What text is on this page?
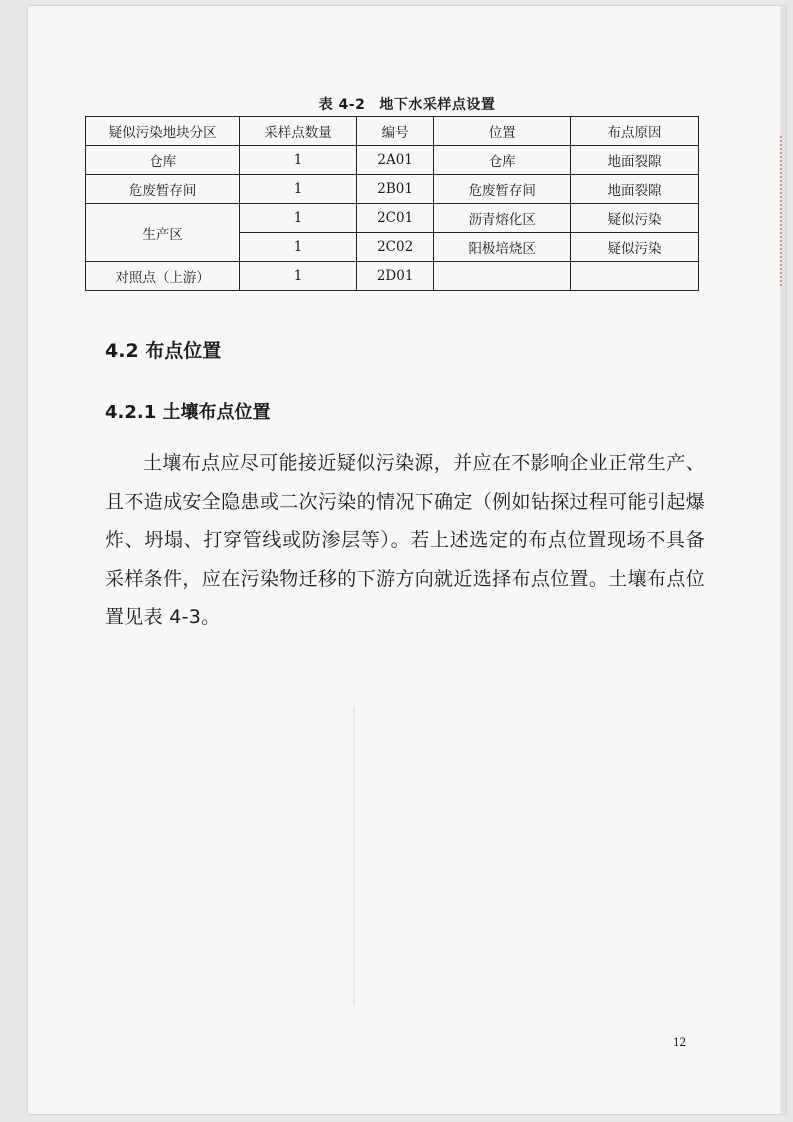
表 4-2 地下水采样点设置
疑似污染地块分区	采样点数量	编号	位置	布点原因
仓库	1	2A01	仓库	地面裂隙
危废暂存间	1	2B01	危废暂存间	地面裂隙
生产区	1	2C01	沥青熔化区	疑似污染
	1	2C02	阳极培烧区	疑似污染
对照点（上游）	1	2D01		
4.2 布点位置
4.2.1 土壤布点位置

土壤布点应尽可能接近疑似污染源，并应在不影响企业正常生产、且不造成安全隐患或二次污染的情况下确定（例如钻探过程可能引起爆炸、坍塌、打穿管线或防渗层等）。若上述选定的布点位置现场不具备采样条件，应在污染物迁移的下游方向就近选择布点位置。土壤布点位置见表 4-3。

12
